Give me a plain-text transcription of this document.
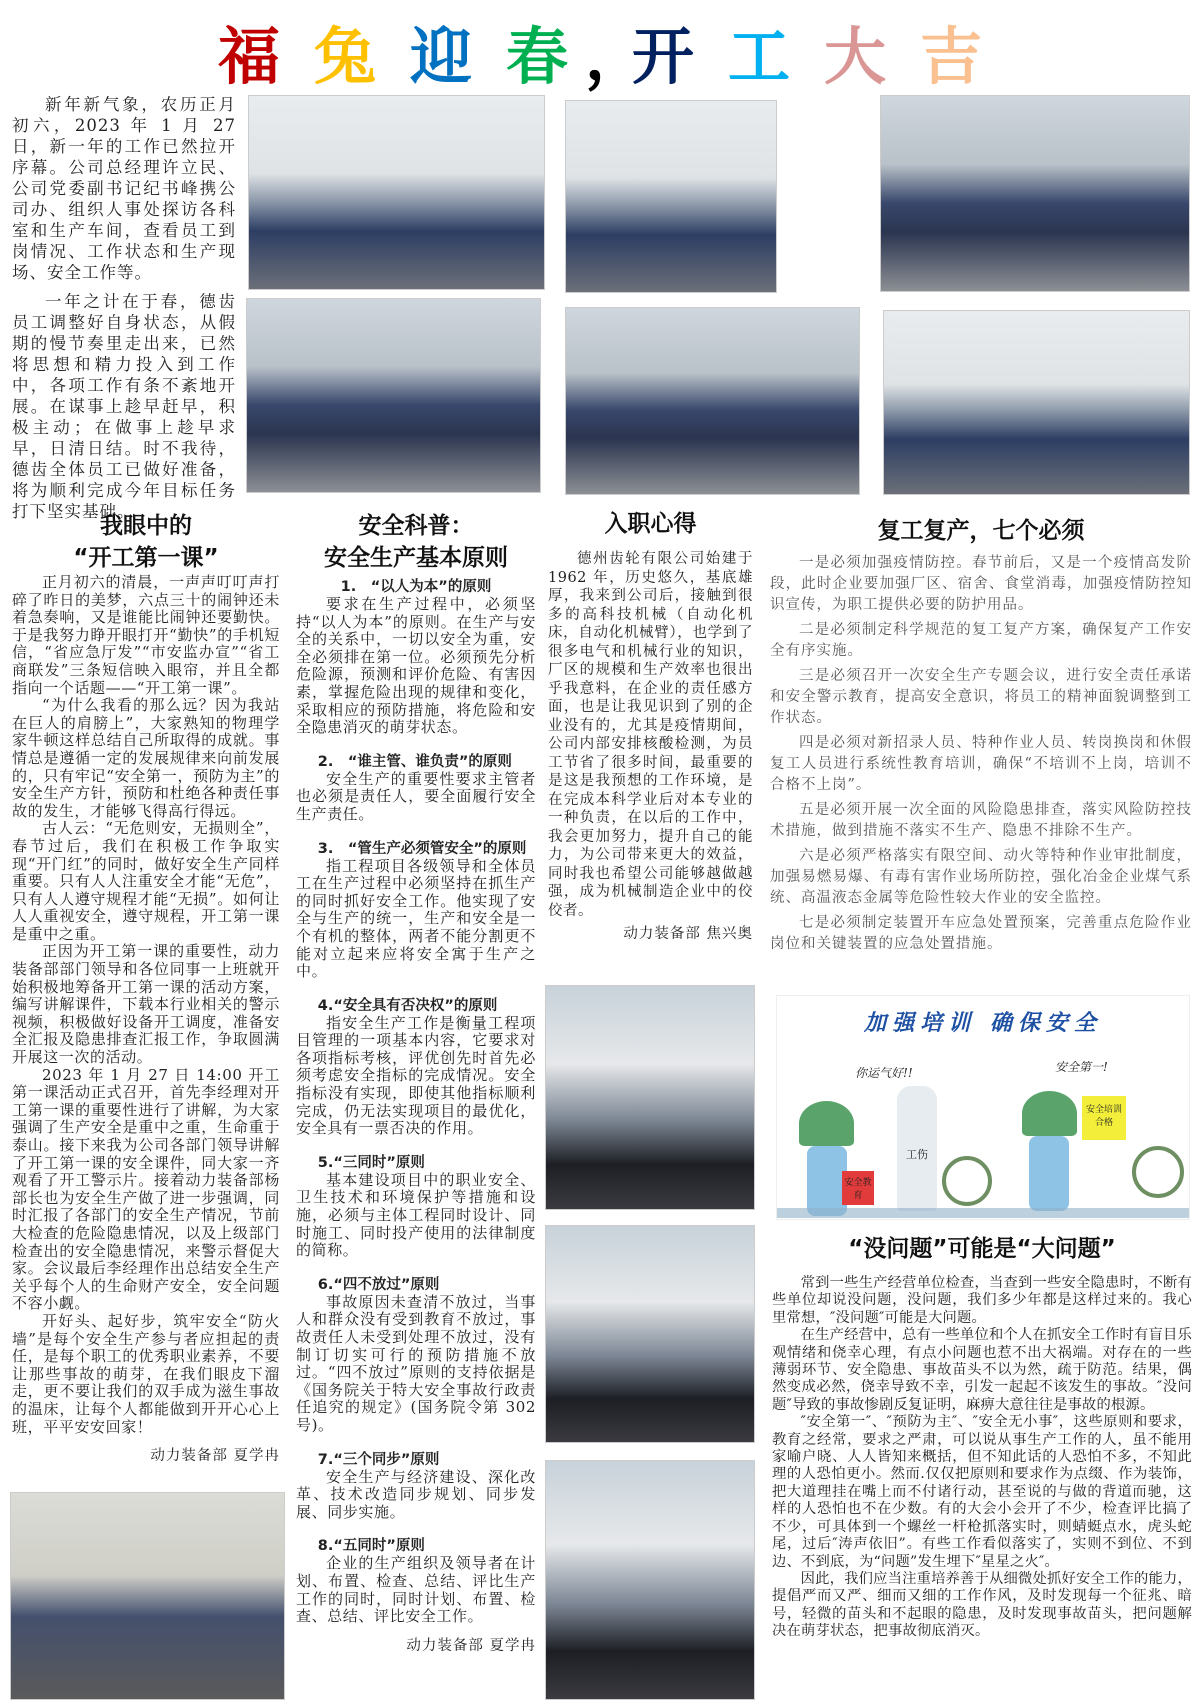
福 兔 迎 春 ，
开 工 大 吉

新年新气象，农历正月初六，2023 年 1 月 27 日，新一年的工作已然拉开序幕。公司总经理许立民、公司党委副书记纪书峰携公司办、组织人事处探访各科室和生产车间，查看员工到岗情况、工作状态和生产现场、安全工作等。

一年之计在于春，德齿员工调整好自身状态，从假期的慢节奏里走出来，已然将思想和精力投入到工作中，各项工作有条不紊地开展。在谋事上趁早赶早，积极主动；在做事上趁早求早，日清日结。时不我待，德齿全体员工已做好准备，将为顺利完成今年目标任务打下坚实基础。

我眼中的
“开工第一课”

正月初六的清晨，一声声叮叮声打碎了昨日的美梦，六点三十的闹钟还未着急奏响，又是谁能比闹钟还要勤快。于是我努力睁开眼打开“勤快”的手机短信，“省应急厅发”“市安监办宣”“省工商联发”三条短信映入眼帘，并且全都指向一个话题——“开工第一课”。

“为什么我看的那么远？因为我站在巨人的肩膀上”，大家熟知的物理学家牛顿这样总结自己所取得的成就。事情总是遵循一定的发展规律来向前发展的，只有牢记“安全第一，预防为主”的安全生产方针，预防和杜绝各种责任事故的发生，才能够飞得高行得远。

古人云：“无危则安，无损则全”，春节过后，我们在积极工作争取实现“开门红”的同时，做好安全生产同样重要。只有人人注重安全才能“无危”，只有人人遵守规程才能“无损”。如何让人人重视安全，遵守规程，开工第一课是重中之重。

正因为开工第一课的重要性，动力装备部部门领导和各位同事一上班就开始积极地筹备开工第一课的活动方案，编写讲解课件，下载本行业相关的警示视频，积极做好设备开工调度，准备安全汇报及隐患排查汇报工作，争取圆满开展这一次的活动。

2023 年 1 月 27 日 14:00 开工第一课活动正式召开，首先李经理对开工第一课的重要性进行了讲解，为大家强调了生产安全是重中之重，生命重于泰山。接下来我为公司各部门领导讲解了开工第一课的安全课件，同大家一齐观看了开工警示片。接着动力装备部杨部长也为安全生产做了进一步强调，同时汇报了各部门的安全生产情况，节前大检查的危险隐患情况，以及上级部门检查出的安全隐患情况，来警示督促大家。会议最后李经理作出总结安全生产关乎每个人的生命财产安全，安全问题不容小觑。

开好头、起好步，筑牢安全“防火墙”是每个安全生产参与者应担起的责任，是每个职工的优秀职业素养，不要让那些事故的萌芽，在我们眼皮下溜走，更不要让我们的双手成为滋生事故的温床，让每个人都能做到开开心心上班，平平安安回家！

动力装备部 夏学冉
安全科普：
安全生产基本原则
1.　“以人为本”的原则

要求在生产过程中，必须坚持“以人为本”的原则。在生产与安全的关系中，一切以安全为重，安全必须排在第一位。必须预先分析危险源，预测和评价危险、有害因素，掌握危险出现的规律和变化，采取相应的预防措施，将危险和安全隐患消灭的萌芽状态。

2.　“谁主管、谁负责”的原则

安全生产的重要性要求主管者也必须是责任人，要全面履行安全生产责任。

3.　“管生产必须管安全”的原则

指工程项目各级领导和全体员工在生产过程中必须坚持在抓生产的同时抓好安全工作。他实现了安全与生产的统一，生产和安全是一个有机的整体，两者不能分割更不能对立起来应将安全寓于生产之中。

4.“安全具有否决权”的原则

指安全生产工作是衡量工程项目管理的一项基本内容，它要求对各项指标考核，评优创先时首先必须考虑安全指标的完成情况。安全指标没有实现，即使其他指标顺利完成，仍无法实现项目的最优化，安全具有一票否决的作用。

5.“三同时”原则

基本建设项目中的职业安全、卫生技术和环境保护等措施和设施，必须与主体工程同时设计、同时施工、同时投产使用的法律制度的简称。

6.“四不放过”原则

事故原因未查清不放过，当事人和群众没有受到教育不放过，事故责任人未受到处理不放过，没有制订切实可行的预防措施不放过。“四不放过”原则的支持依据是《国务院关于特大安全事故行政责任追究的规定》(国务院令第 302 号)。

7.“三个同步”原则

安全生产与经济建设、深化改革、技术改造同步规划、同步发展、同步实施。

8.“五同时”原则

企业的生产组织及领导者在计划、布置、检查、总结、评比生产工作的同时，同时计划、布置、检查、总结、评比安全工作。

动力装备部 夏学冉
入职心得

德州齿轮有限公司始建于 1962 年，历史悠久，基底雄厚，我来到公司后，接触到很多的高科技机械（自动化机床，自动化机械臂），也学到了很多电气和机械行业的知识，厂区的规模和生产效率也很出乎我意料，在企业的责任感方面，也是让我见识到了别的企业没有的，尤其是疫情期间，公司内部安排核酸检测，为员工节省了很多时间，最重要的是这是我预想的工作环境，是在完成本科学业后对本专业的一种负责，在以后的工作中，我会更加努力，提升自己的能力，为公司带来更大的效益，同时我也希望公司能够越做越强，成为机械制造企业中的佼佼者。

动力装备部 焦兴奥
复工复产，七个必须

一是必须加强疫情防控。春节前后，又是一个疫情高发阶段，此时企业要加强厂区、宿舍、食堂消毒，加强疫情防控知识宣传，为职工提供必要的防护用品。

二是必须制定科学规范的复工复产方案，确保复产工作安全有序实施。

三是必须召开一次安全生产专题会议，进行安全责任承诺和安全警示教育，提高安全意识，将员工的精神面貌调整到工作状态。

四是必须对新招录人员、特种作业人员、转岗换岗和休假复工人员进行系统性教育培训，确保“不培训不上岗，培训不合格不上岗”。

五是必须开展一次全面的风险隐患排查，落实风险防控技术措施，做到措施不落实不生产、隐患不排除不生产。

六是必须严格落实有限空间、动火等特种作业审批制度，加强易燃易爆、有毒有害作业场所防控，强化冶金企业煤气系统、高温液态金属等危险性较大作业的安全监控。

七是必须制定装置开车应急处置预案，完善重点危险作业岗位和关键装置的应急处置措施。

加强培训 确保安全
你运气好!!	安全第一!
安全教育
工伤
安全培训合格
“没问题”可能是“大问题”

常到一些生产经营单位检查，当查到一些安全隐患时，不断有些单位却说没问题，没问题，我们多少年都是这样过来的。我心里常想，″没问题″可能是大问题。

在生产经营中，总有一些单位和个人在抓安全工作时有盲目乐观情绪和侥幸心理，有点小问题也惹不出大祸端。对存在的一些薄弱环节、安全隐患、事故苗头不以为然，疏于防范。结果，偶然变成必然，侥幸导致不幸，引发一起起不该发生的事故。″没问题″导致的事故惨剧反复证明，麻痹大意往往是事故的根源。

″安全第一″、″预防为主″、″安全无小事″，这些原则和要求，教育之经常，要求之严肃，可以说从事生产工作的人，虽不能用家喻户晓、人人皆知来概括，但不知此话的人恐怕不多，不知此理的人恐怕更小。然而.仅仅把原则和要求作为点缀、作为装饰，把大道理挂在嘴上而不付诸行动，甚至说的与做的背道而驰，这样的人恐怕也不在少数。有的大会小会开了不少，检查评比搞了不少，可具体到一个螺丝一杆枪抓落实时，则蜻蜓点水，虎头蛇尾，过后″涛声依旧”。有些工作看似落实了，实则不到位、不到边、不到底，为“问题”发生埋下″星星之火″。

因此，我们应当注重培养善于从细微处抓好安全工作的能力，提倡严而又严、细而又细的工作作风，及时发现每一个征兆、暗号，轻微的苗头和不起眼的隐患，及时发现事故苗头，把问题解决在萌芽状态，把事故彻底消灭。
